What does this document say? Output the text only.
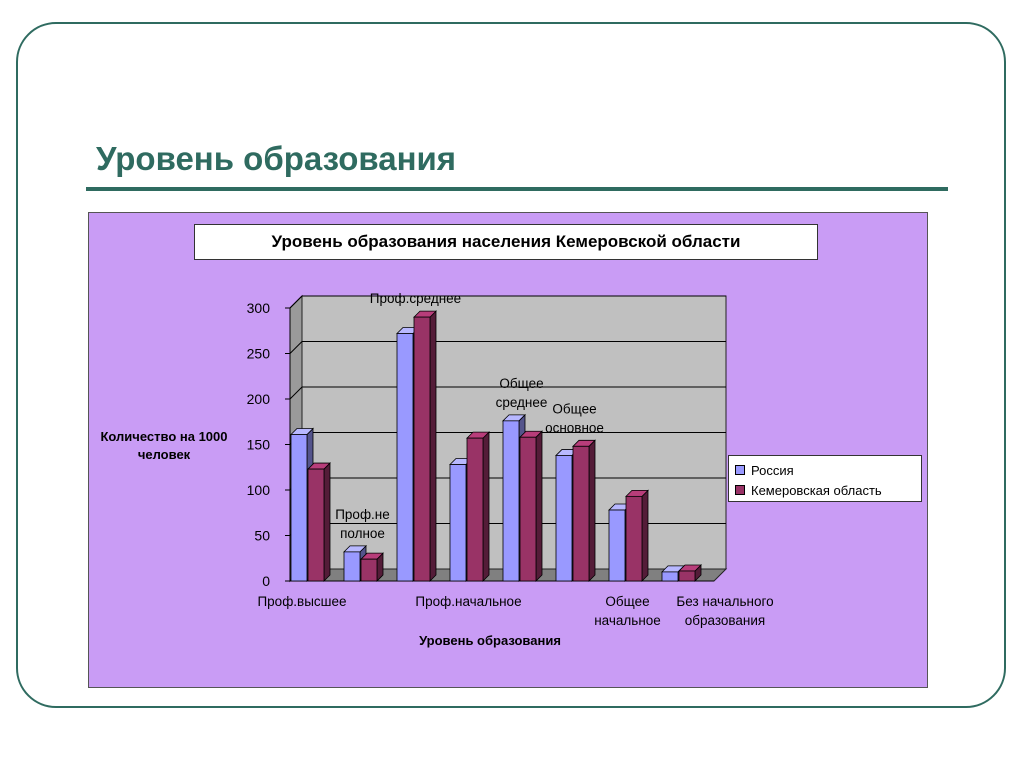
Уровень образования
0
50
100
150
200
250
300
Проф.высшее
Проф.не
полное
Проф.среднее
Проф.начальное
Общее
среднее Общее
основное
Общее
начальное
Без начального
образования
Уровень образования населения Кемеровской области
Количество на 1000 человек
Уровень образования
Россия
Кемеровская область
